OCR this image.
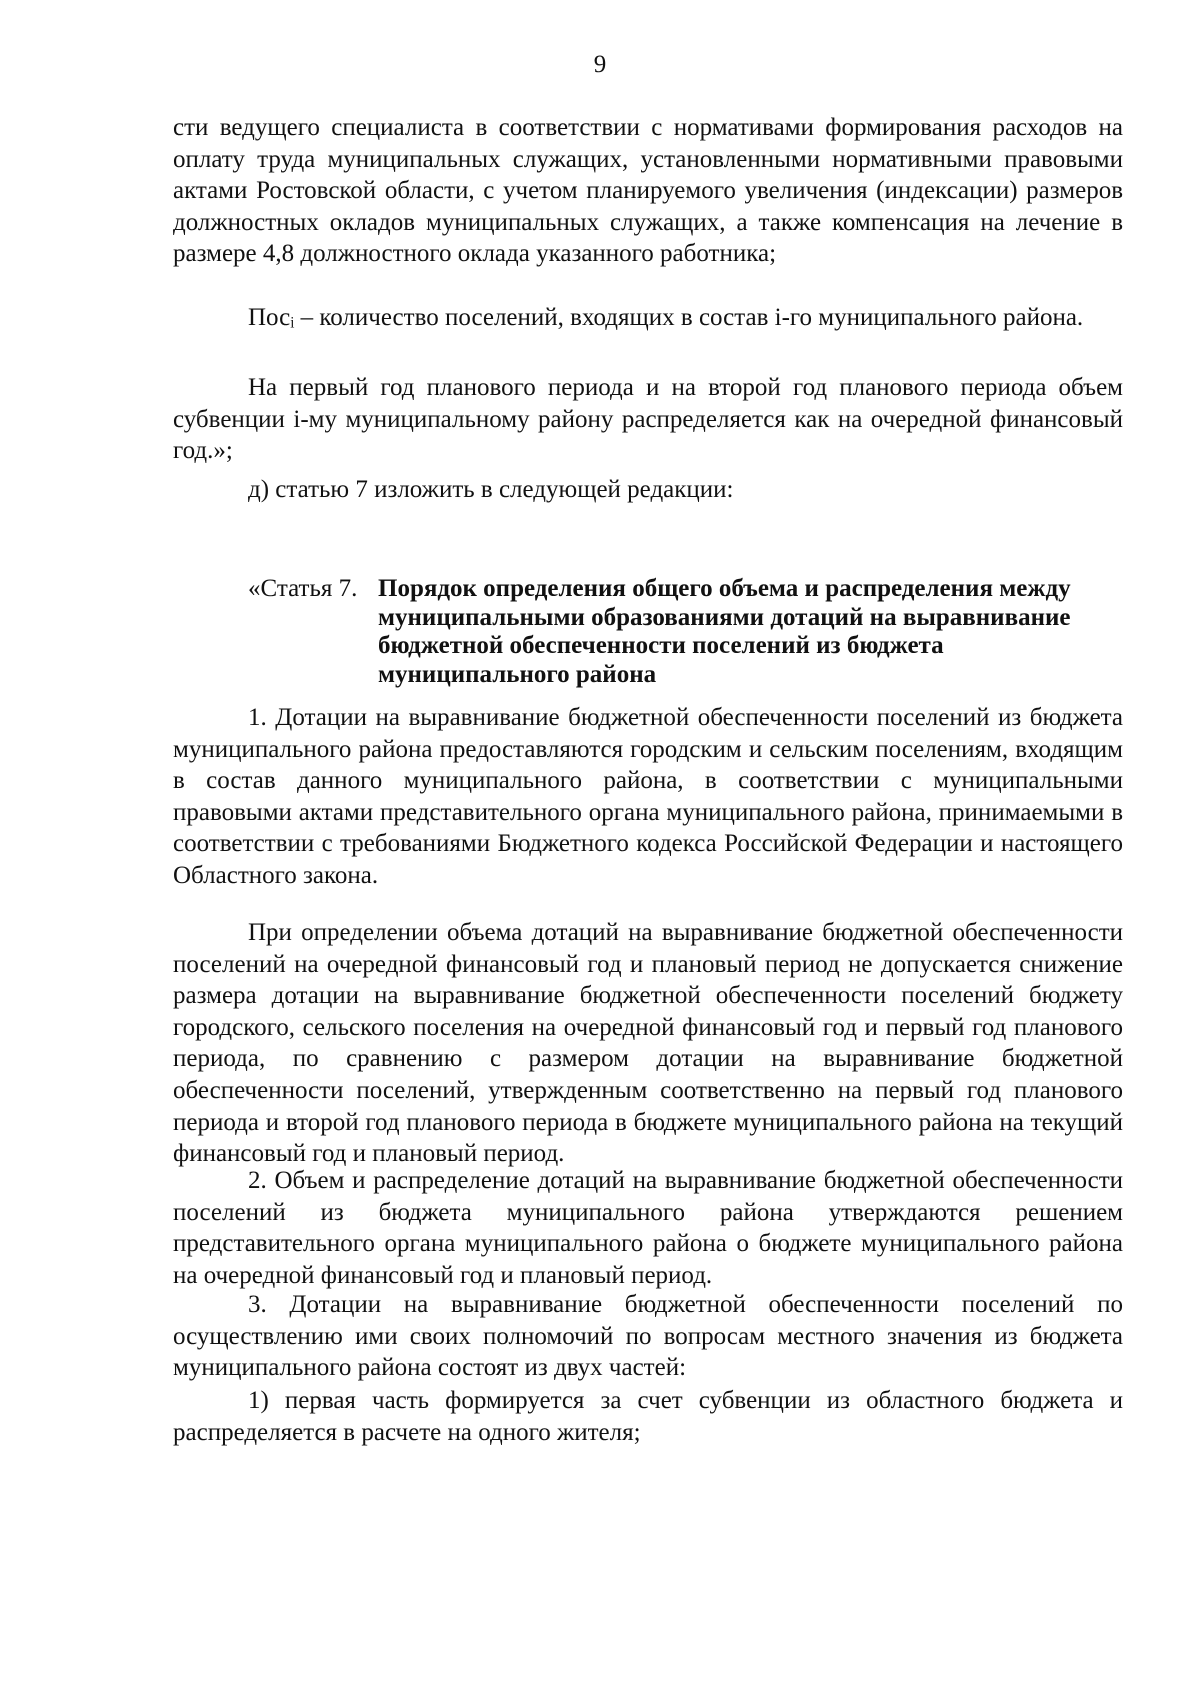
9

сти ведущего специалиста в соответствии с нормативами формирования расходов на оплату труда муниципальных служащих, установленными нормативными правовыми актами Ростовской области, с учетом планируемого увеличения (индексации) размеров должностных окладов муниципальных служащих, а также компенсация на лечение в размере 4,8 должностного оклада указанного работника;

Посᵢ – количество поселений, входящих в состав i-го муниципального района.

На первый год планового периода и на второй год планового периода объем субвенции i-му муниципальному району распределяется как на очередной финансовый год.»;

д) статью 7 изложить в следующей редакции:

«Статья 7. Порядок определения общего объема и распределения между муниципальными образованиями дотаций на выравнивание бюджетной обеспеченности поселений из бюджета муниципального района

1. Дотации на выравнивание бюджетной обеспеченности поселений из бюджета муниципального района предоставляются городским и сельским поселениям, входящим в состав данного муниципального района, в соответствии с муниципальными правовыми актами представительного органа муниципального района, принимаемыми в соответствии с требованиями Бюджетного кодекса Российской Федерации и настоящего Областного закона.

При определении объема дотаций на выравнивание бюджетной обеспеченности поселений на очередной финансовый год и плановый период не допускается снижение размера дотации на выравнивание бюджетной обеспеченности поселений бюджету городского, сельского поселения на очередной финансовый год и первый год планового периода, по сравнению с размером дотации на выравнивание бюджетной обеспеченности поселений, утвержденным соответственно на первый год планового периода и второй год планового периода в бюджете муниципального района на текущий финансовый год и плановый период.

2. Объем и распределение дотаций на выравнивание бюджетной обеспеченности поселений из бюджета муниципального района утверждаются решением представительного органа муниципального района о бюджете муниципального района на очередной финансовый год и плановый период.

3. Дотации на выравнивание бюджетной обеспеченности поселений по осуществлению ими своих полномочий по вопросам местного значения из бюджета муниципального района состоят из двух частей:

1) первая часть формируется за счет субвенции из областного бюджета и распределяется в расчете на одного жителя;
